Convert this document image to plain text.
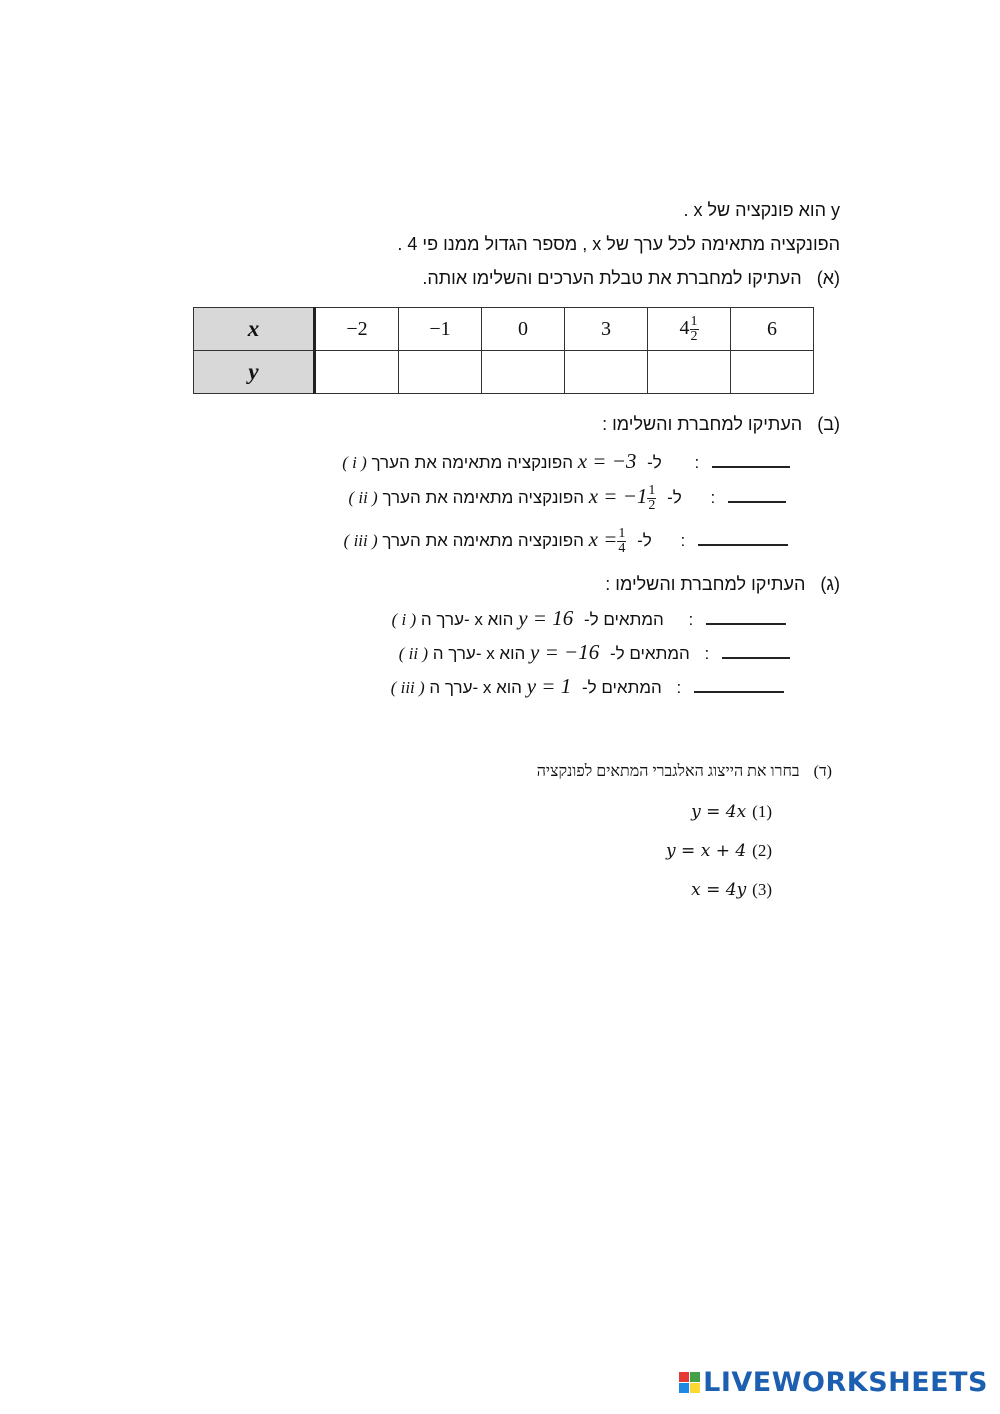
. x הוא פונקציה של y
הפונקציה מתאימה לכל ערך של x , מספר הגדול ממנו פי 4 .
(א) העתיקו למחברת את טבלת הערכים והשלימו אותה.
x	−2	−1	0	3	$4 \frac{1}{2}$	6
y						
(ב) העתיקו למחברת והשלימו :
( i )	ל- x = −3 הפונקציה מתאימה את הערך :
( ii )	ל- $x = -1 \frac{1}{2}$
הפונקציה מתאימה את הערך :
( iii )	ל- $x = \frac{1}{4}$
הפונקציה מתאימה את הערך :
(ג) העתיקו למחברת והשלימו :
( i ) ערך ה- x המתאים ל- y = 16 הוא :
( ii ) ערך ה- x המתאים ל- y = −16 הוא :
( iii ) ערך ה- x המתאים ל- y = 1 הוא :
(ד) בחרו את הייצוג האלגברי המתאים לפונקציה
y = 4x (1)
y = x + 4 (2)
x = 4y (3)
LIVEWORKSHEETS
